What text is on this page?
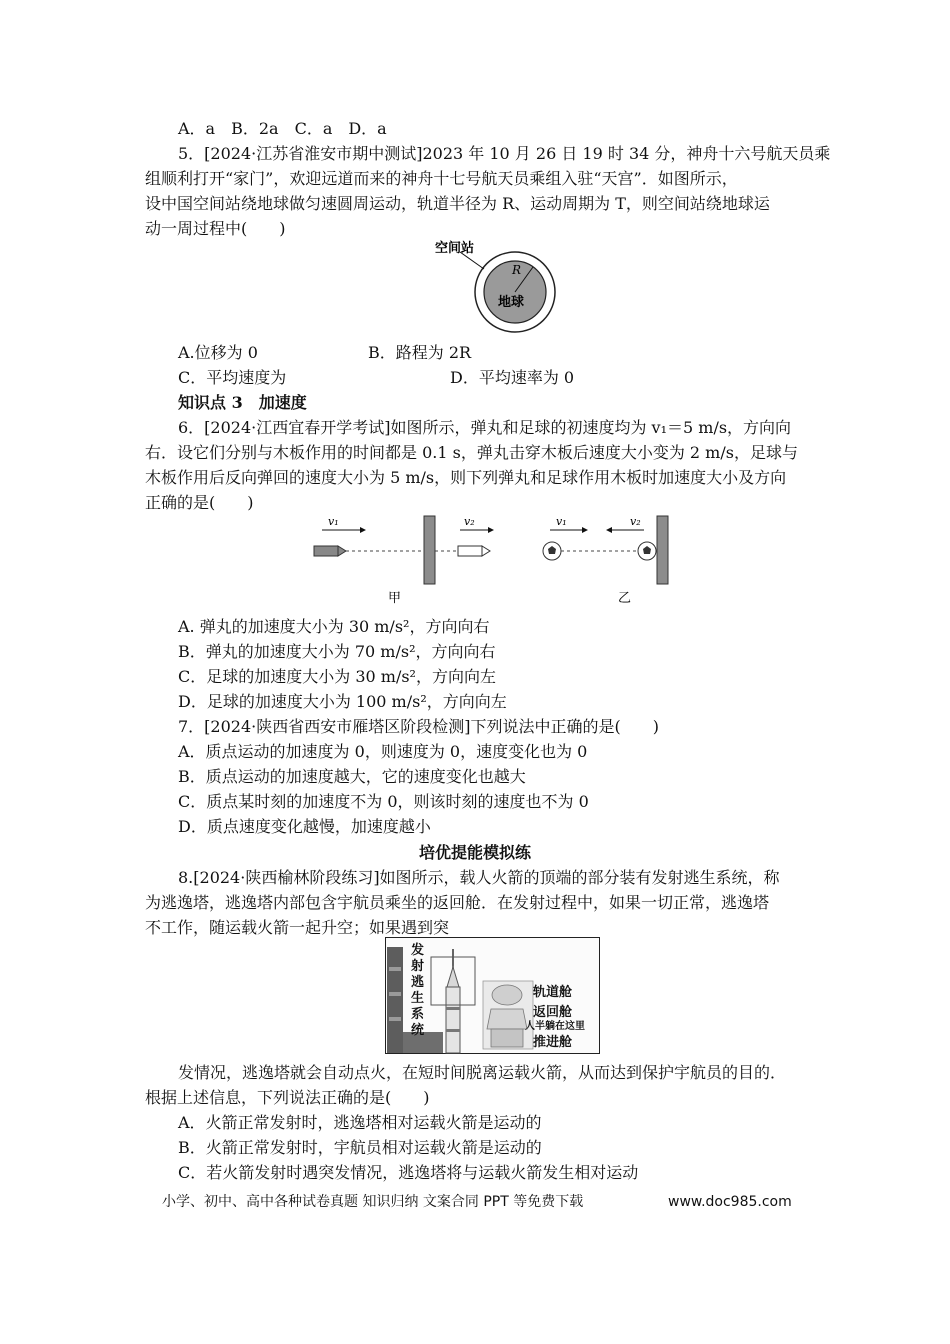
A．a　B．2a　C．a　D．a
5．[2024·江苏省淮安市期中测试]2023 年 10 月 26 日 19 时 34 分，神舟十六号航天员乘
组顺利打开“家门”，欢迎远道而来的神舟十七号航天员乘组入驻“天宫”．如图所示，
设中国空间站绕地球做匀速圆周运动，轨道半径为 R、运动周期为 T，则空间站绕地球运
动一周过程中(　　)
空间站
R
地球
A.位移为 0	B．路程为 2R
C．平均速度为	D．平均速率为 0
知识点 3　加速度
6．[2024·江西宜春开学考试]如图所示，弹丸和足球的初速度均为 v₁＝5 m/s，方向向
右．设它们分别与木板作用的时间都是 0.1 s，弹丸击穿木板后速度大小变为 2 m/s，足球与
木板作用后反向弹回的速度大小为 5 m/s，则下列弹丸和足球作用木板时加速度大小及方向
正确的是(　　)
v₁	v₂
甲
v₁	v₂
乙
A. 弹丸的加速度大小为 30 m/s²，方向向右
B．弹丸的加速度大小为 70 m/s²，方向向右
C．足球的加速度大小为 30 m/s²，方向向左
D．足球的加速度大小为 100 m/s²，方向向左
7．[2024·陕西省西安市雁塔区阶段检测]下列说法中正确的是(　　)
A．质点运动的加速度为 0，则速度为 0，速度变化也为 0
B．质点运动的加速度越大，它的速度变化也越大
C．质点某时刻的加速度不为 0，则该时刻的速度也不为 0
D．质点速度变化越慢，加速度越小
培优提能模拟练
8.[2024·陕西榆林阶段练习]如图所示，载人火箭的顶端的部分装有发射逃生系统，称
为逃逸塔，逃逸塔内部包含宇航员乘坐的返回舱．在发射过程中，如果一切正常，逃逸塔
不工作，随运载火箭一起升空；如果遇到突
发
射
逃
生
系
统
轨道舱
返回舱
人半躺在这里
推进舱
发情况，逃逸塔就会自动点火，在短时间脱离运载火箭，从而达到保护宇航员的目的．
根据上述信息，下列说法正确的是(　　)
A．火箭正常发射时，逃逸塔相对运载火箭是运动的
B．火箭正常发射时，宇航员相对运载火箭是运动的
C．若火箭发射时遇突发情况，逃逸塔将与运载火箭发生相对运动
小学、初中、高中各种试卷真题 知识归纳 文案合同 PPT 等免费下载	www.doc985.com
